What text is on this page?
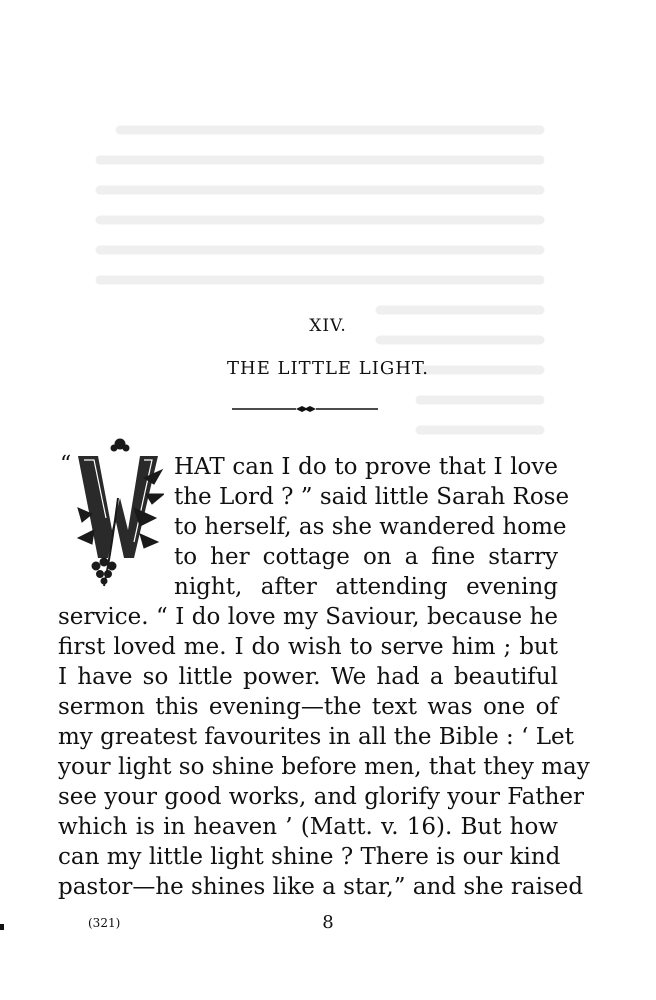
XIV.
THE LITTLE LIGHT.
“	HAT can I do to prove that I love
the Lord ? ” said little Sarah Rose
to herself, as she wandered home
to her cottage on a fine starry
night, after attending evening
service. “ I do love my Saviour, because he
first loved me. I do wish to serve him ; but
I have so little power. We had a beautiful
sermon this evening—the text was one of
my greatest favourites in all the Bible : ‘ Let
your light so shine before men, that they may
see your good works, and glorify your Father
which is in heaven ’ (Matt. v. 16). But how
can my little light shine ? There is our kind
pastor—he shines like a star,” and she raised
(321)	8
